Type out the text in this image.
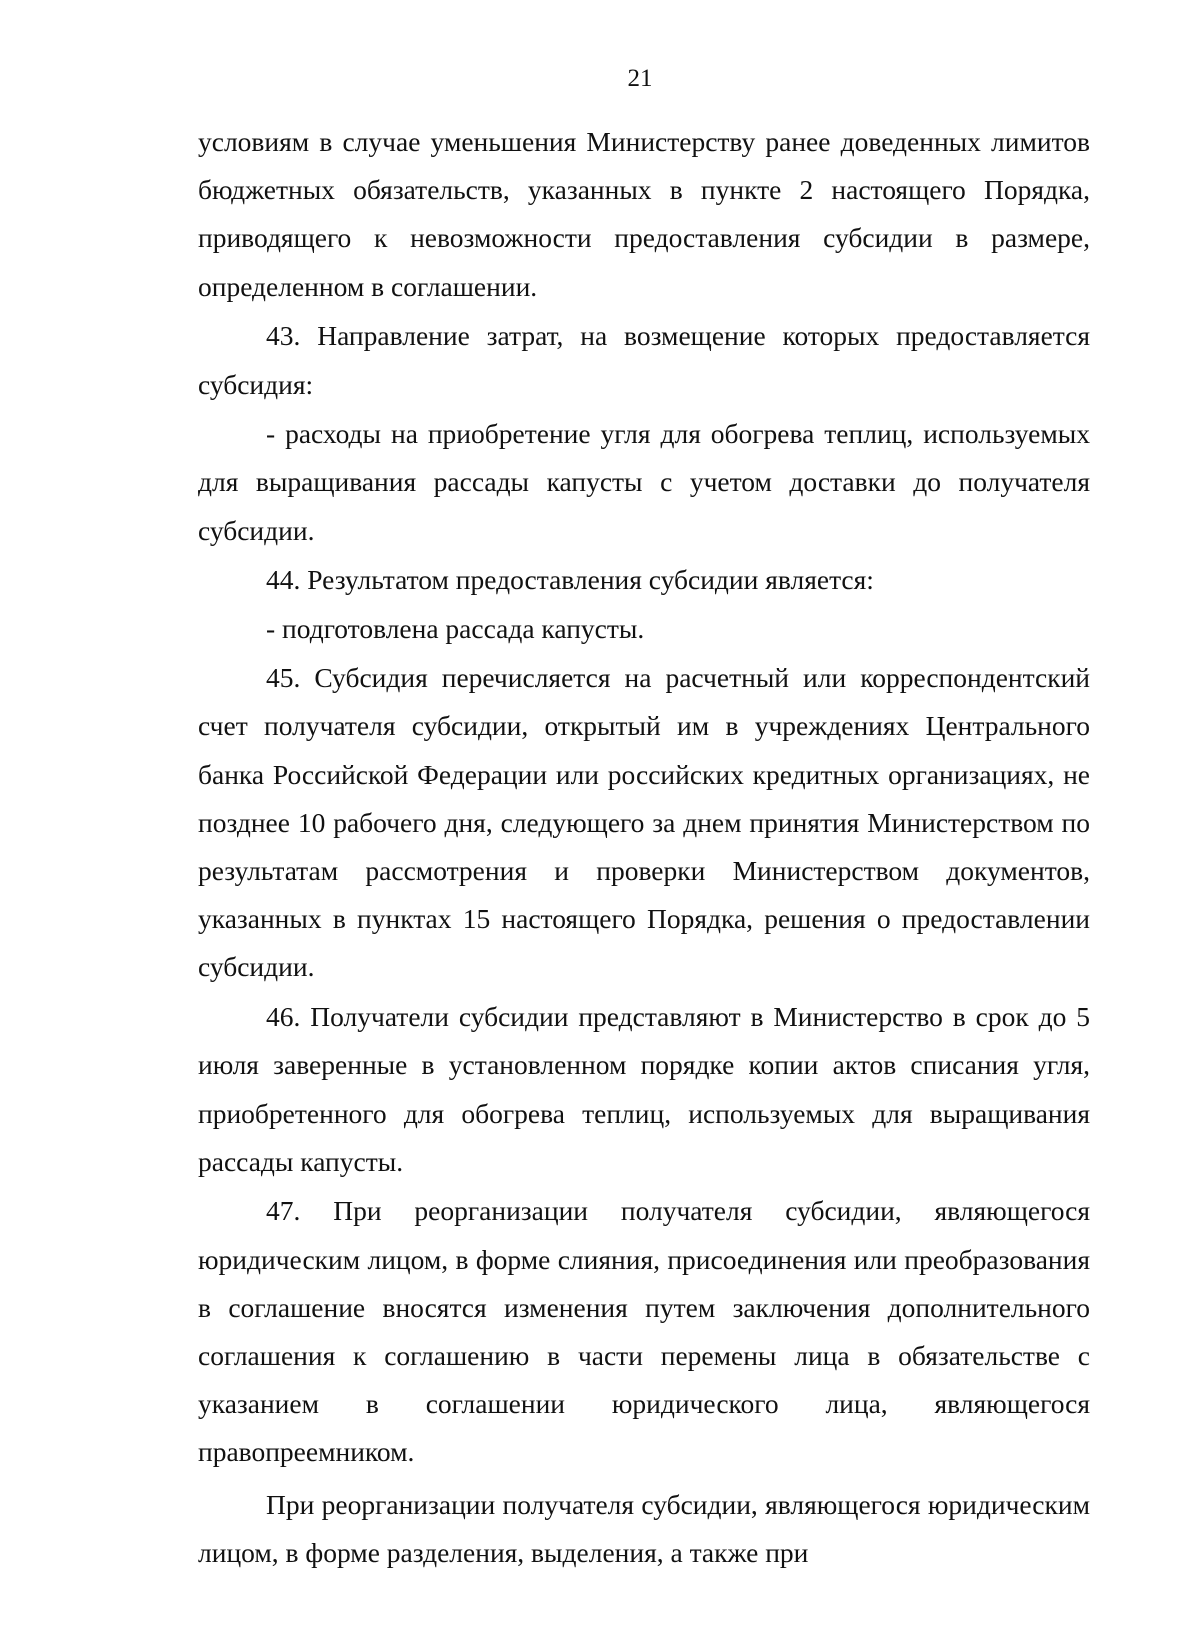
21

условиям в случае уменьшения Министерству ранее доведенных лимитов бюджетных обязательств, указанных в пункте 2 настоящего Порядка, приводящего к невозможности предоставления субсидии в размере, определенном в соглашении.

43. Направление затрат, на возмещение которых предоставляется субсидия:

- расходы на приобретение угля для обогрева теплиц, используемых для выращивания рассады капусты с учетом доставки до получателя субсидии.

44. Результатом предоставления субсидии является:

- подготовлена рассада капусты.

45. Субсидия перечисляется на расчетный или корреспондентский счет получателя субсидии, открытый им в учреждениях Центрального банка Российской Федерации или российских кредитных организациях, не позднее 10 рабочего дня, следующего за днем принятия Министерством по результатам рассмотрения и проверки Министерством документов, указанных в пунктах 15 настоящего Порядка, решения о предоставлении субсидии.

46. Получатели субсидии представляют в Министерство в срок до 5 июля заверенные в установленном порядке копии актов списания угля, приобретенного для обогрева теплиц, используемых для выращивания рассады капусты.

47. При реорганизации получателя субсидии, являющегося юридическим лицом, в форме слияния, присоединения или преобразования в соглашение вносятся изменения путем заключения дополнительного соглашения к соглашению в части перемены лица в обязательстве с указанием в соглашении юридического лица, являющегося правопреемником.

При реорганизации получателя субсидии, являющегося юридическим лицом, в форме разделения, выделения, а также при
